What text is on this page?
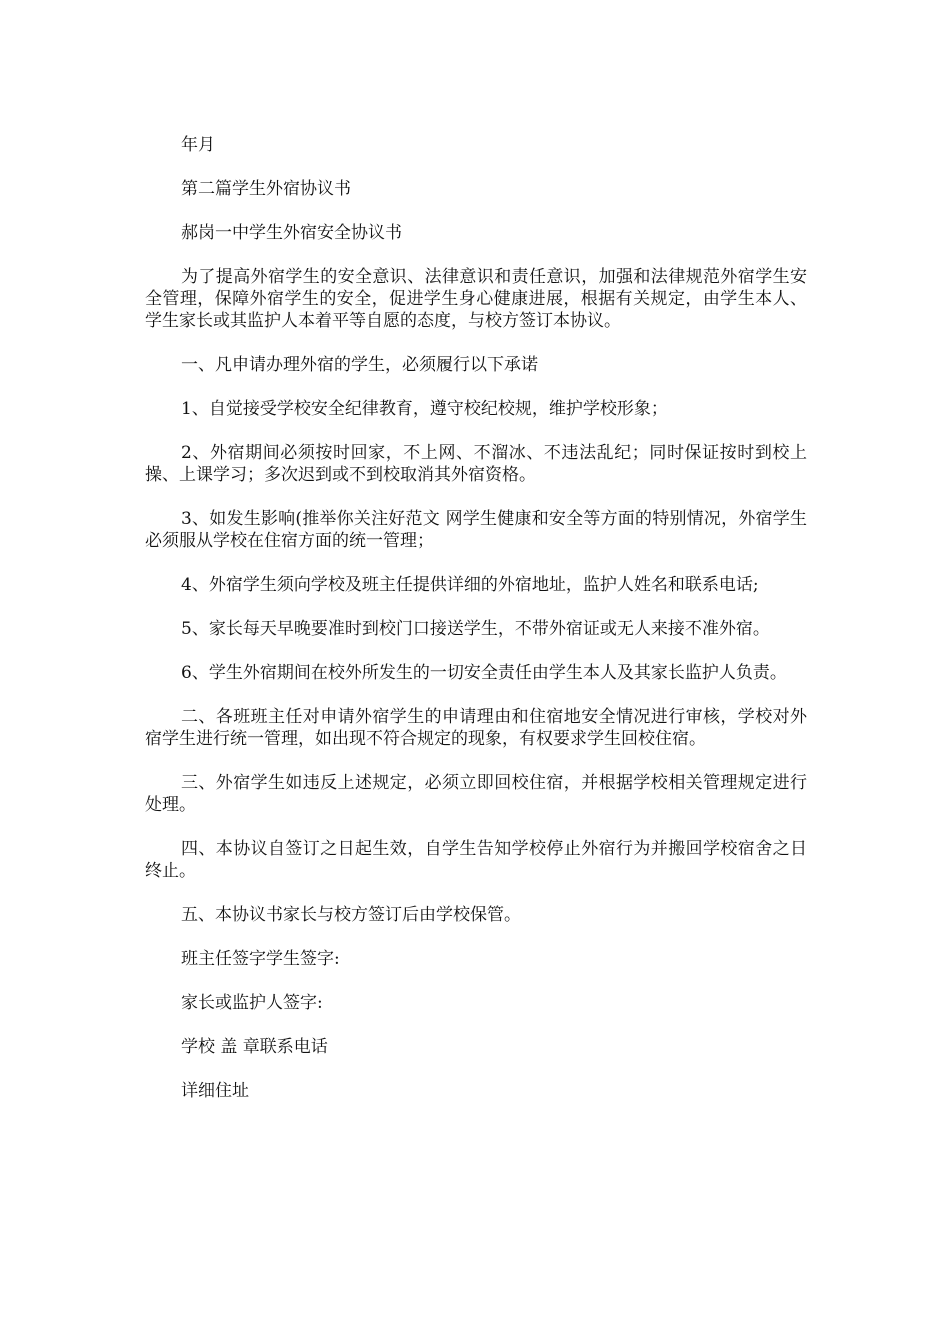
年月

第二篇学生外宿协议书

郝岗一中学生外宿安全协议书

为了提高外宿学生的安全意识、法律意识和责任意识，加强和法律规范外宿学生安全管理，保障外宿学生的安全，促进学生身心健康进展，根据有关规定，由学生本人、学生家长或其监护人本着平等自愿的态度，与校方签订本协议。

一、凡申请办理外宿的学生，必须履行以下承诺

1、自觉接受学校安全纪律教育，遵守校纪校规，维护学校形象；

2、外宿期间必须按时回家，不上网、不溜冰、不违法乱纪；同时保证按时到校上操、上课学习；多次迟到或不到校取消其外宿资格。

3、如发生影响(推举你关注好范文 网学生健康和安全等方面的特别情况，外宿学生必须服从学校在住宿方面的统一管理；

4、外宿学生须向学校及班主任提供详细的外宿地址，监护人姓名和联系电话;

5、家长每天早晚要准时到校门口接送学生，不带外宿证或无人来接不准外宿。

6、学生外宿期间在校外所发生的一切安全责任由学生本人及其家长监护人负责。

二、各班班主任对申请外宿学生的申请理由和住宿地安全情况进行审核，学校对外宿学生进行统一管理，如出现不符合规定的现象，有权要求学生回校住宿。

三、外宿学生如违反上述规定，必须立即回校住宿，并根据学校相关管理规定进行处理。

四、本协议自签订之日起生效，自学生告知学校停止外宿行为并搬回学校宿舍之日终止。

五、本协议书家长与校方签订后由学校保管。

班主任签字学生签字:

家长或监护人签字:

学校 盖 章联系电话

详细住址
